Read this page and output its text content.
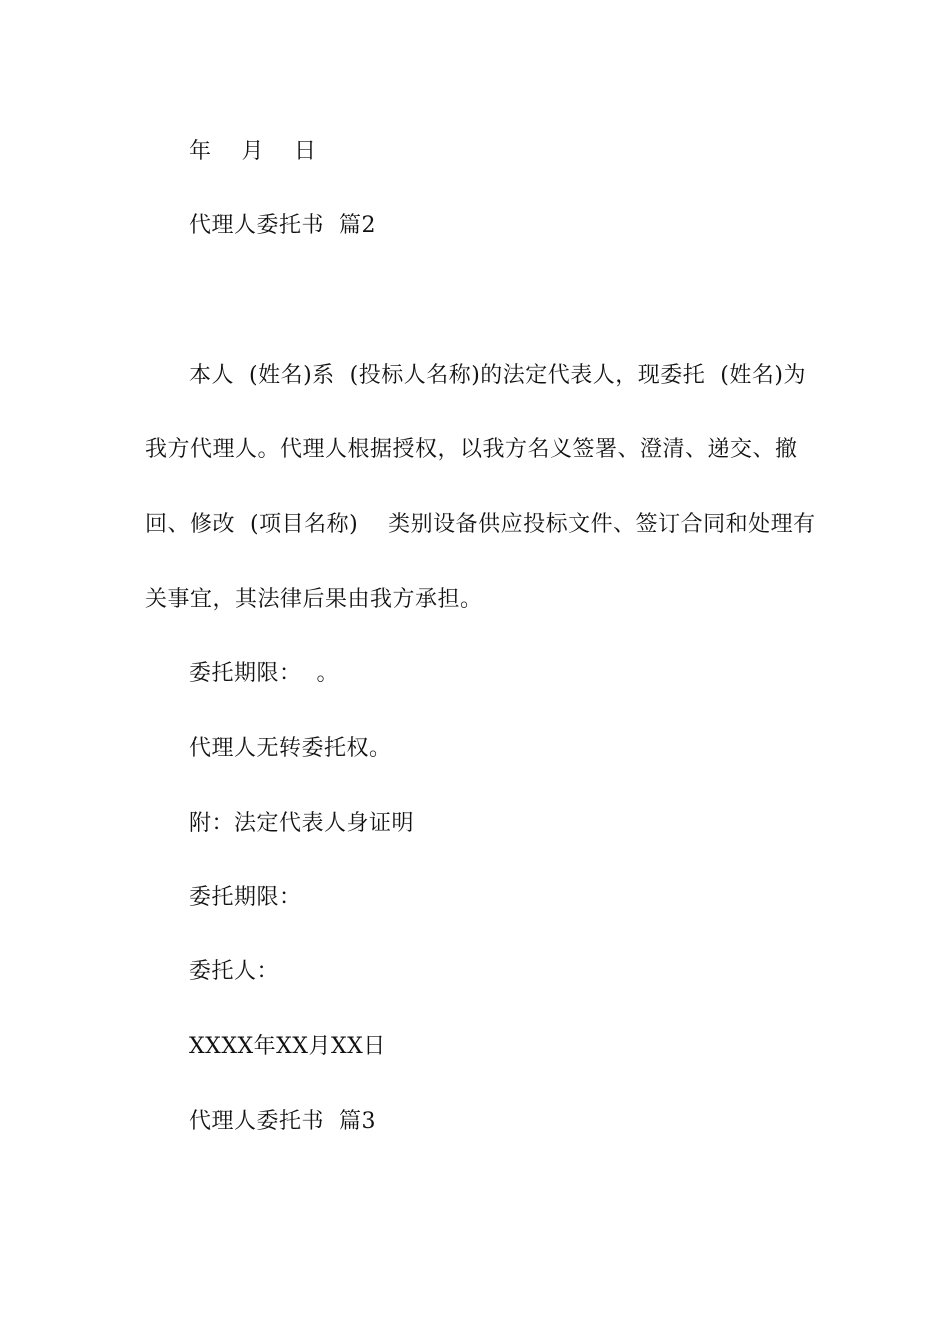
年    月    日
代理人委托书  篇2
本人  (姓名)系  (投标人名称)的法定代表人，现委托  (姓名)为
我方代理人。代理人根据授权，以我方名义签署、澄清、递交、撤
回、修改  (项目名称)    类别设备供应投标文件、签订合同和处理有
关事宜，其法律后果由我方承担。
委托期限：  。
代理人无转委托权。
附：法定代表人身证明
委托期限：
委托人：
XXXX年XX月XX日
代理人委托书  篇3
